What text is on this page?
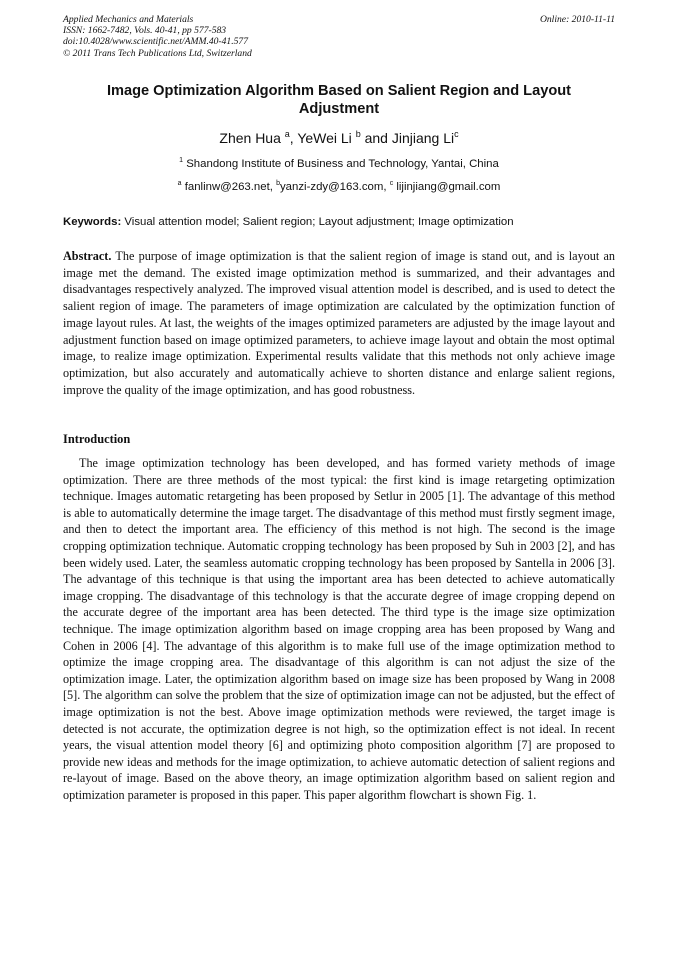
Applied Mechanics and Materials
ISSN: 1662-7482, Vols. 40-41, pp 577-583
doi:10.4028/www.scientific.net/AMM.40-41.577
© 2011 Trans Tech Publications Ltd, Switzerland
Online: 2010-11-11
Image Optimization Algorithm Based on Salient Region and Layout Adjustment
Zhen Hua $^a$, YeWei Li $^b$ and Jinjiang Li$^c$
$^1$ Shandong Institute of Business and Technology, Yantai, China
$^a$ fanlinw@263.net, $^b$yanzi-zdy@163.com, $^c$ lijinjiang@gmail.com
Keywords: Visual attention model; Salient region; Layout adjustment; Image optimization
Abstract. The purpose of image optimization is that the salient region of image is stand out, and is layout an image met the demand. The existed image optimization method is summarized, and their advantages and disadvantages respectively analyzed. The improved visual attention model is described, and is used to detect the salient region of image. The parameters of image optimization are calculated by the optimization function of image layout rules. At last, the weights of the images optimized parameters are adjusted by the image layout and adjustment function based on image optimized parameters, to achieve image layout and obtain the most optimal image, to realize image optimization. Experimental results validate that this methods not only achieve image optimization, but also accurately and automatically achieve to shorten distance and enlarge salient regions, improve the quality of the image optimization, and has good robustness.
Introduction

The image optimization technology has been developed, and has formed variety methods of image optimization. There are three methods of the most typical: the first kind is image retargeting optimization technique. Images automatic retargeting has been proposed by Setlur in 2005 [1]. The advantage of this method is able to automatically determine the image target. The disadvantage of this method must firstly segment image, and then to detect the important area. The efficiency of this method is not high. The second is the image cropping optimization technique. Automatic cropping technology has been proposed by Suh in 2003 [2], and has been widely used. Later, the seamless automatic cropping technology has been proposed by Santella in 2006 [3]. The advantage of this technique is that using the important area has been detected to achieve automatically image cropping. The disadvantage of this technology is that the accurate degree of image cropping depend on the accurate degree of the important area has been detected. The third type is the image size optimization technique. The image optimization algorithm based on image cropping area has been proposed by Wang and Cohen in 2006 [4]. The advantage of this algorithm is to make full use of the image optimization method to optimize the image cropping area. The disadvantage of this algorithm is can not adjust the size of the optimization image. Later, the optimization algorithm based on image size has been proposed by Wang in 2008 [5]. The algorithm can solve the problem that the size of optimization image can not be adjusted, but the effect of image optimization is not the best. Above image optimization methods were reviewed, the target image is detected is not accurate, the optimization degree is not high, so the optimization effect is not ideal. In recent years, the visual attention model theory [6] and optimizing photo composition algorithm [7] are proposed to provide new ideas and methods for the image optimization, to achieve automatic detection of salient regions and re-layout of image. Based on the above theory, an image optimization algorithm based on salient region and optimization parameter is proposed in this paper. This paper algorithm flowchart is shown Fig. 1.
